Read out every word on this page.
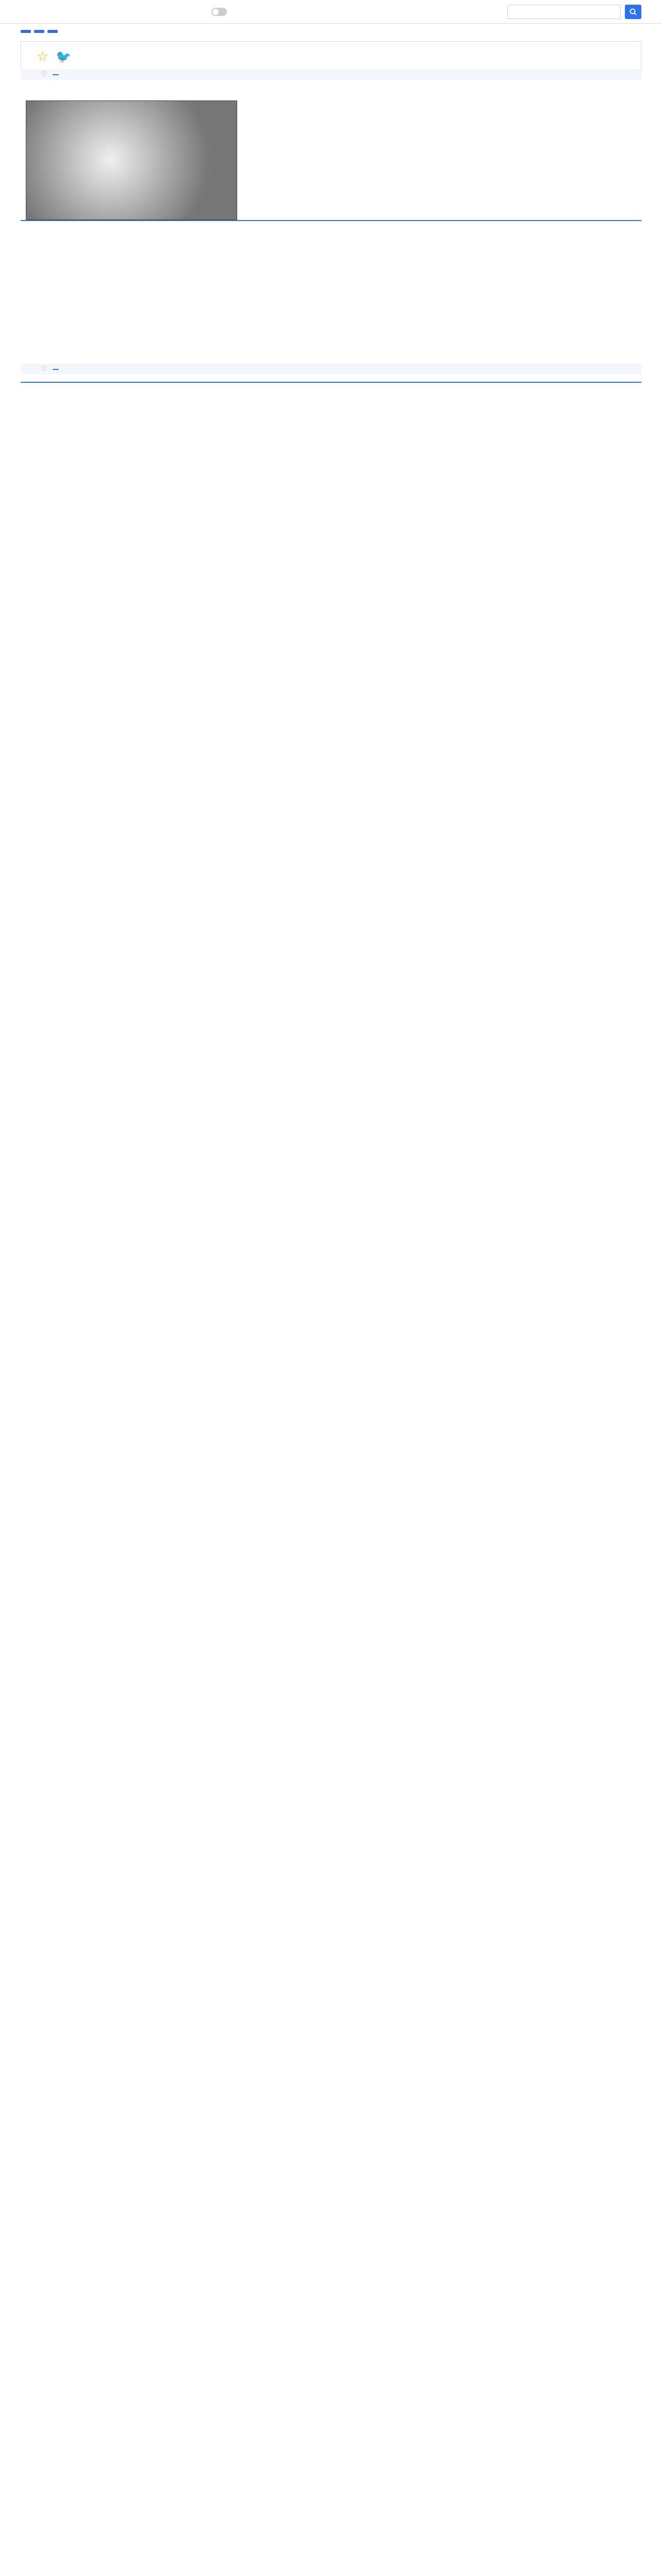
☆ 🐦
♡
♡
